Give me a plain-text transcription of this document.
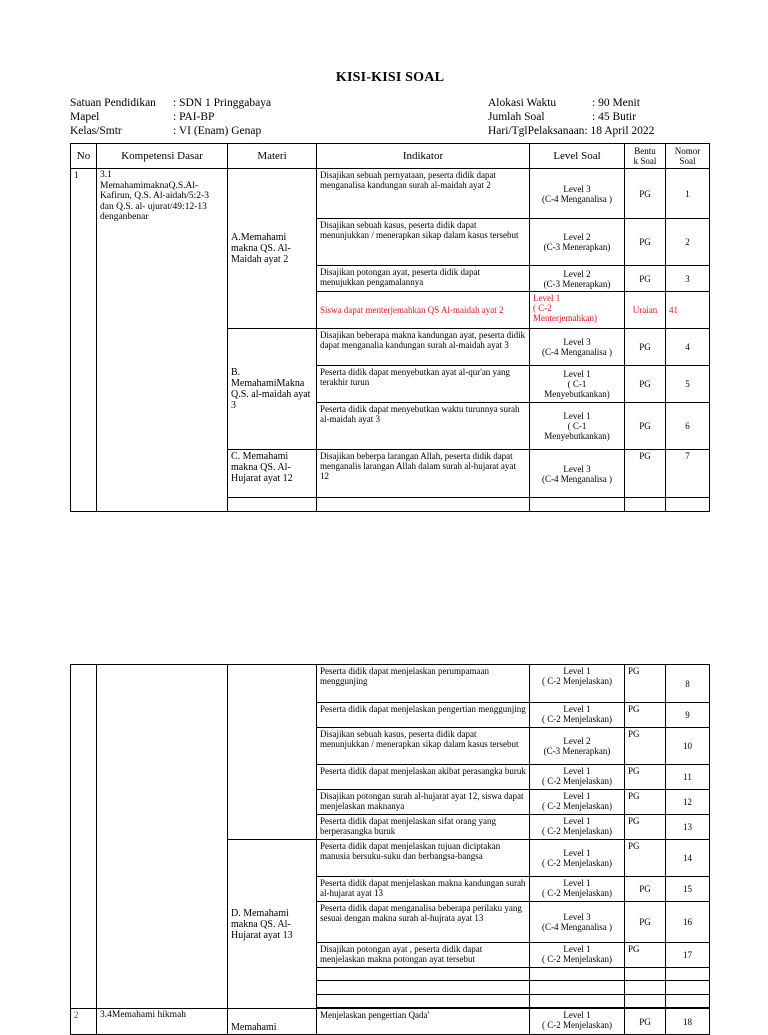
KISI-KISI SOAL
Satuan Pendidikan	: SDN 1 Pringgabaya
Mapel	: PAI-BP
Kelas/Smtr	: VI (Enam) Genap
Alokasi Waktu	: 90 Menit
Jumlah Soal	: 45 Butir
Hari/TglPelaksanaan : 18 April 2022
No	Kompetensi Dasar	Materi	Indikator	Level Soal	Bentu
k Soal	Nomor
Soal
1	3.1
MemahamimaknaQ.S.Al-Kafirun, Q.S. Al-aidah/5:2-3 dan Q.S. al- ujurat/49:12-13 denganbenar	A.Memahami makna QS. Al-Maidah ayat 2	Disajikan sebuah pernyataan, peserta didik dapat menganalisa kandungan surah al-maidah ayat 2	Level 3
(C-4 Menganalisa )	PG	1
			Disajikan sebuah kasus, peserta didik dapat menunjukkan / menerapkan sikap dalam kasus tersebut	Level 2
(C-3 Menerapkan)	PG	2
			Disajikan potongan ayat, peserta didik dapat menujukkan pengamalannya	Level 2
(C-3 Menerapkan)	PG	3
			Siswa dapat menterjemahkan QS Al-maidah ayat 2	Level 1
( C-2
Menterjemahkan)	Uraian	41
		B. MemahamiMakna Q.S. al-maidah ayat 3	Disajikan beberapa makna kandungan ayat, peserta didik dapat menganalia kandungan surah al-maidah ayat 3	Level 3
(C-4 Menganalisa )	PG	4
			Peserta didik dapat menyebutkan ayat al-qur'an yang terakhir turun	Level 1
( C-1
Menyebutkankan)	PG	5
			Peserta didik dapat menyebutkan waktu turunnya surah al-maidah ayat 3	Level 1
( C-1
Menyebutkankan)	PG	6
		C. Memahami makna QS. Al-Hujarat ayat 12	Disajikan beberpa larangan Allah, peserta didik dapat menganalis larangan Allah dalam surah al-hujarat ayat 12	Level 3
(C-4 Menganalisa )	PG	7

			Peserta didik dapat menjelaskan perumpamaan menggunjing	Level 1
( C-2 Menjelaskan)	PG	8
			Peserta didik dapat menjelaskan pengertian menggunjing	Level 1
( C-2 Menjelaskan)	PG	9
			Disajikan sebuah kasus, peserta didik dapat menunjukkan / menerapkan sikap dalam kasus tersebut	Level 2
(C-3 Menerapkan)	PG	10
			Peserta didik dapat menjelaskan akibat perasangka buruk	Level 1
( C-2 Menjelaskan)	PG	11
			Disajikan potongan surah al-hujarat ayat 12, siswa dapat menjelaskan maknanya	Level 1
( C-2 Menjelaskan)	PG	12
			Peserta didik dapat menjelaskan sifat orang yang berperasangka buruk	Level 1
( C-2 Menjelaskan)	PG	13
		D. Memahami makna QS. Al-Hujarat ayat 13	Peserta didik dapat menjelaskan tujuan diciptakan manusia bersuku-suku dan berbangsa-bangsa	Level 1
( C-2 Menjelaskan)	PG	14
			Peserta didik dapat menjelaskan makna kandungan surah al-hujarat ayat 13	Level 1
( C-2 Menjelaskan)	PG	15
			Peserta didik dapat menganalisa beberapa perilaku yang sesuai dengan makna surah al-hujrata ayat 13	Level 3
(C-4 Menganalisa )	PG	16
			Disajikan potongan ayat , peserta didik dapat menjelaskan makna potongan ayat tersebut	Level 1
( C-2 Menjelaskan)	PG	17

2	3.4Memahami hikmah	Memahami	Menjelaskan pengertian Qada'	Level 1
( C-2 Menjelaskan)	PG	18
